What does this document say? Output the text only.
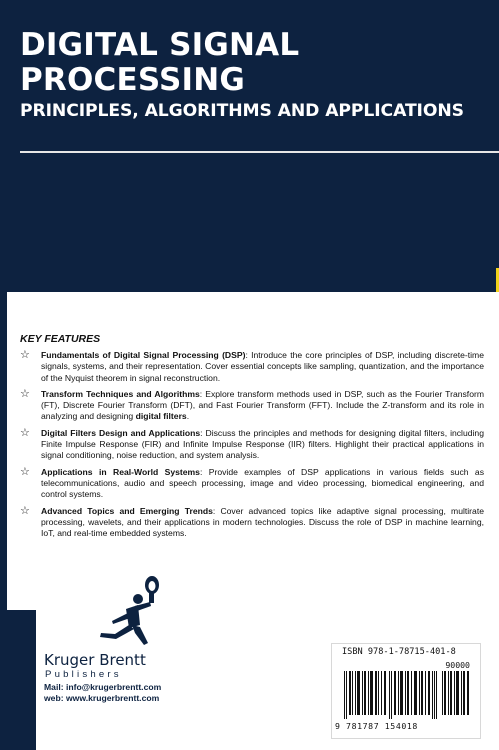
DIGITAL SIGNAL
PROCESSING
PRINCIPLES, ALGORITHMS AND APPLICATIONS
KEY FEATURES
☆ Fundamentals of Digital Signal Processing (DSP): Introduce the core principles of DSP, including discrete-time signals, systems, and their representation. Cover essential concepts like sampling, quantization, and the importance of the Nyquist theorem in signal reconstruction.
☆ Transform Techniques and Algorithms: Explore transform methods used in DSP, such as the Fourier Transform (FT), Discrete Fourier Transform (DFT), and Fast Fourier Transform (FFT). Include the Z-transform and its role in analyzing and designing digital filters.
☆ Digital Filters Design and Applications: Discuss the principles and methods for designing digital filters, including Finite Impulse Response (FIR) and Infinite Impulse Response (IIR) filters. Highlight their practical applications in signal conditioning, noise reduction, and system analysis.
☆ Applications in Real-World Systems: Provide examples of DSP applications in various fields such as telecommunications, audio and speech processing, image and video processing, biomedical engineering, and control systems.
☆ Advanced Topics and Emerging Trends: Cover advanced topics like adaptive signal processing, multirate processing, wavelets, and their applications in modern technologies. Discuss the role of DSP in machine learning, IoT, and real-time embedded systems.
Kruger Brentt
Publishers
Mail: info@krugerbrentt.com
web: www.krugerbrentt.com
ISBN 978-1-78715-401-8
90000
9 781787 154018
